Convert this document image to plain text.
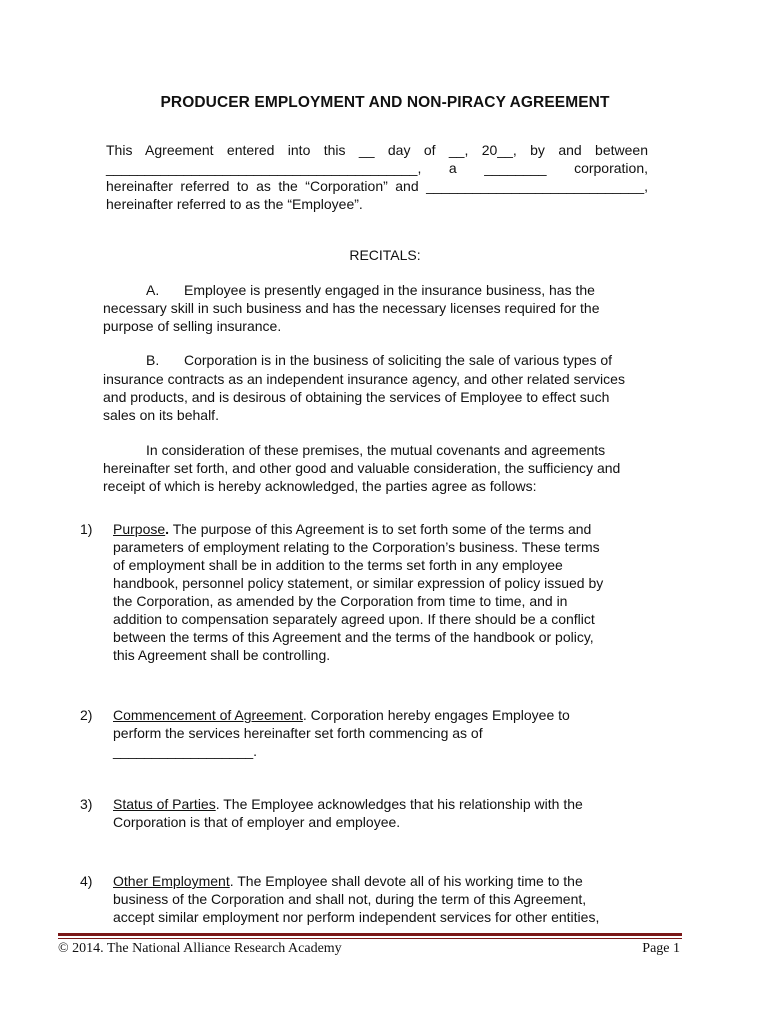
PRODUCER EMPLOYMENT AND NON-PIRACY AGREEMENT
This Agreement entered into this __ day of __, 20__, by and between
________________________________________, a ________ corporation,
hereinafter referred to as the “Corporation” and ____________________________,
hereinafter referred to as the “Employee”.
RECITALS:
A. Employee is presently engaged in the insurance business, has the
necessary skill in such business and has the necessary licenses required for the
purpose of selling insurance.
B. Corporation is in the business of soliciting the sale of various types of
insurance contracts as an independent insurance agency, and other related services
and products, and is desirous of obtaining the services of Employee to effect such
sales on its behalf.
In consideration of these premises, the mutual covenants and agreements
hereinafter set forth, and other good and valuable consideration, the sufficiency and
receipt of which is hereby acknowledged, the parties agree as follows:
1) Purpose. The purpose of this Agreement is to set forth some of the terms and
parameters of employment relating to the Corporation’s business. These terms
of employment shall be in addition to the terms set forth in any employee
handbook, personnel policy statement, or similar expression of policy issued by
the Corporation, as amended by the Corporation from time to time, and in
addition to compensation separately agreed upon. If there should be a conflict
between the terms of this Agreement and the terms of the handbook or policy,
this Agreement shall be controlling.
2) Commencement of Agreement. Corporation hereby engages Employee to
perform the services hereinafter set forth commencing as of
__________________.
3) Status of Parties. The Employee acknowledges that his relationship with the
Corporation is that of employer and employee.
4) Other Employment. The Employee shall devote all of his working time to the
business of the Corporation and shall not, during the term of this Agreement,
accept similar employment nor perform independent services for other entities,
© 2014. The National Alliance Research Academy	Page 1
